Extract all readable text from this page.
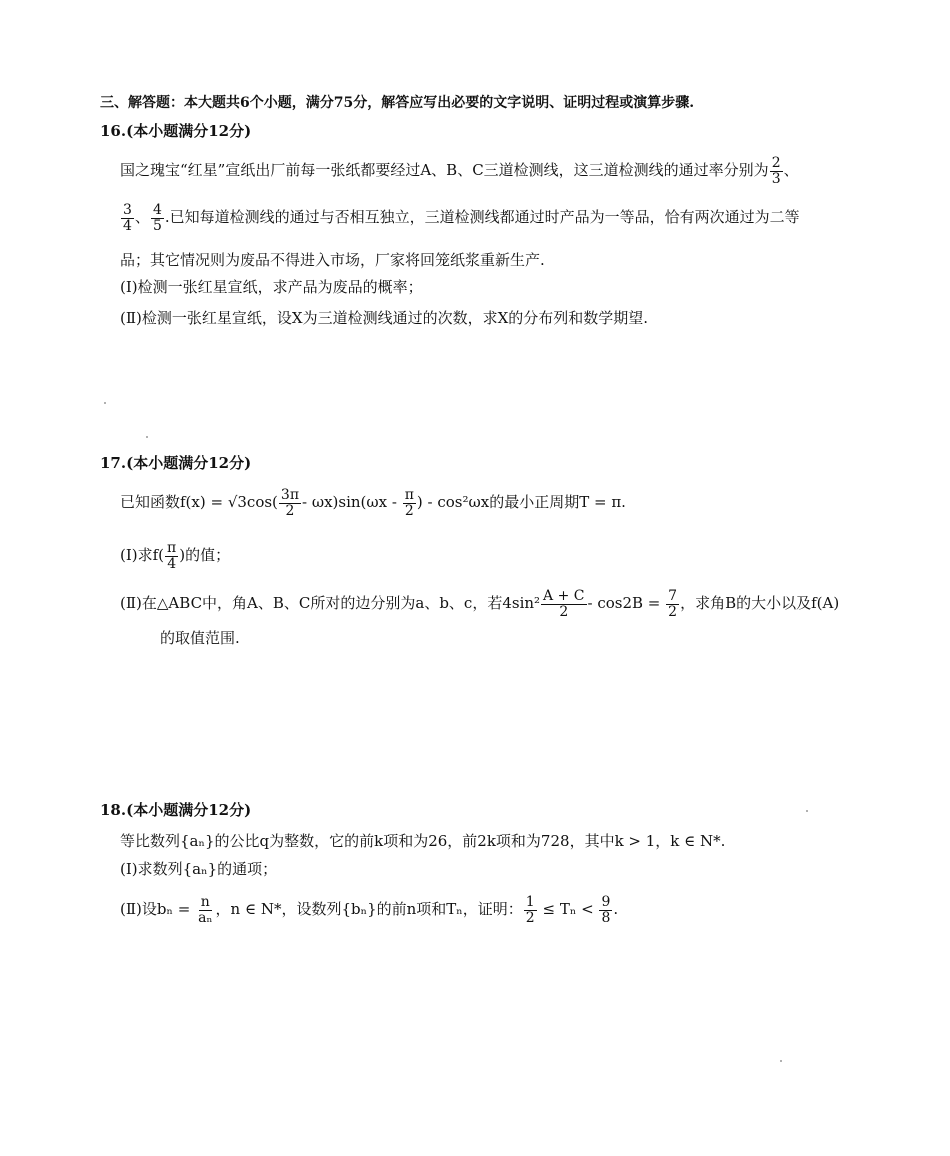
三、解答题：本大题共6个小题，满分75分，解答应写出必要的文字说明、证明过程或演算步骤.
16.(本小题满分12分)
国之瑰宝“红星”宣纸出厂前每一张纸都要经过A、B、C三道检测线，这三道检测线的通过率分别为 $\frac{2}{3}$ 、
$\frac{3}{4}$ 、 $\frac{4}{5}$ .已知每道检测线的通过与否相互独立，三道检测线都通过时产品为一等品，恰有两次通过为二等
品；其它情况则为废品不得进入市场，厂家将回笼纸浆重新生产.
(Ⅰ)检测一张红星宣纸，求产品为废品的概率；
(Ⅱ)检测一张红星宣纸，设X为三道检测线通过的次数，求X的分布列和数学期望.
17.(本小题满分12分)
已知函数$f(x) = √3\cos( \frac{3\pi}{2} - \omega x)\sin(\omega x - \frac{\pi}{2}$ ) - cos²ωx的最小正周期T = π.
(Ⅰ)求$f( \frac{\pi}{4}$ )的值；
(Ⅱ)在△ABC中，角A、B、C所对的边分别为a、b、c，若$4\sin^2 \frac{A + C}{2} - \cos 2B = \frac{7}{2}$ ，求角B的大小以及f(A)
的取值范围.
18.(本小题满分12分)
等比数列{aₙ}的公比q为整数，它的前k项和为26，前2k项和为728，其中k > 1，k ∈ N*.
(Ⅰ)求数列{aₙ}的通项；
(Ⅱ)设$b_n = \frac{n}{\text{aₙ}}$ ，n ∈ N*，设数列{bₙ}的前n项和Tₙ，证明： $\frac{1}{2} \le T_n < \frac{9}{8}$ .
